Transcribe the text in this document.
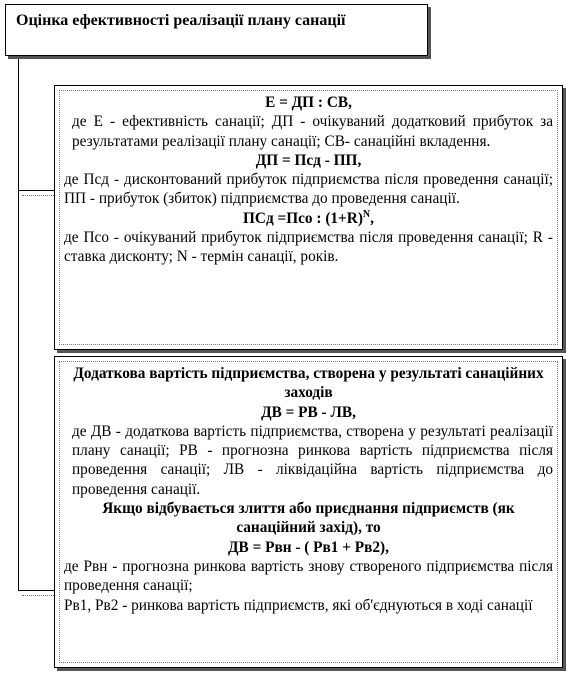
Оцінка ефективності реалізації плану санації
Е = ДП : СВ,
де Е - ефективність санації; ДП - очікуваний додатковий прибуток за результатами реалізації плану санації; СВ- санаційні вкладення.
ДП = Псд - ПП,
де Псд - дисконтований прибуток підприємства після проведення санації; ПП - прибуток (збиток) підприємства до проведення санації.
ПСд =Псо : $(1+R)^N$,
де Псо - очікуваний прибуток підприємства після проведення санації; R - ставка дисконту; N - термін санації, років.
Додаткова вартість підприємства, створена у результаті санаційних заходів
ДВ = РВ - ЛВ,
де ДВ - додаткова вартість підприємства, створена у результаті реалізації плану санації; РВ - прогнозна ринкова вартість підприємства після проведення санації; ЛВ - ліквідаційна вартість підприємства до проведення санації.
Якщо відбувається злиття або приєднання підприємств (як санаційний захід), то
ДВ = Рвн - ( Рв1 + Рв2),
де Рвн - прогнозна ринкова вартість знову створеного підприємства після проведення санації;
Рв1, Рв2 - ринкова вартість підприємств, які об'єднуються в ході санації
